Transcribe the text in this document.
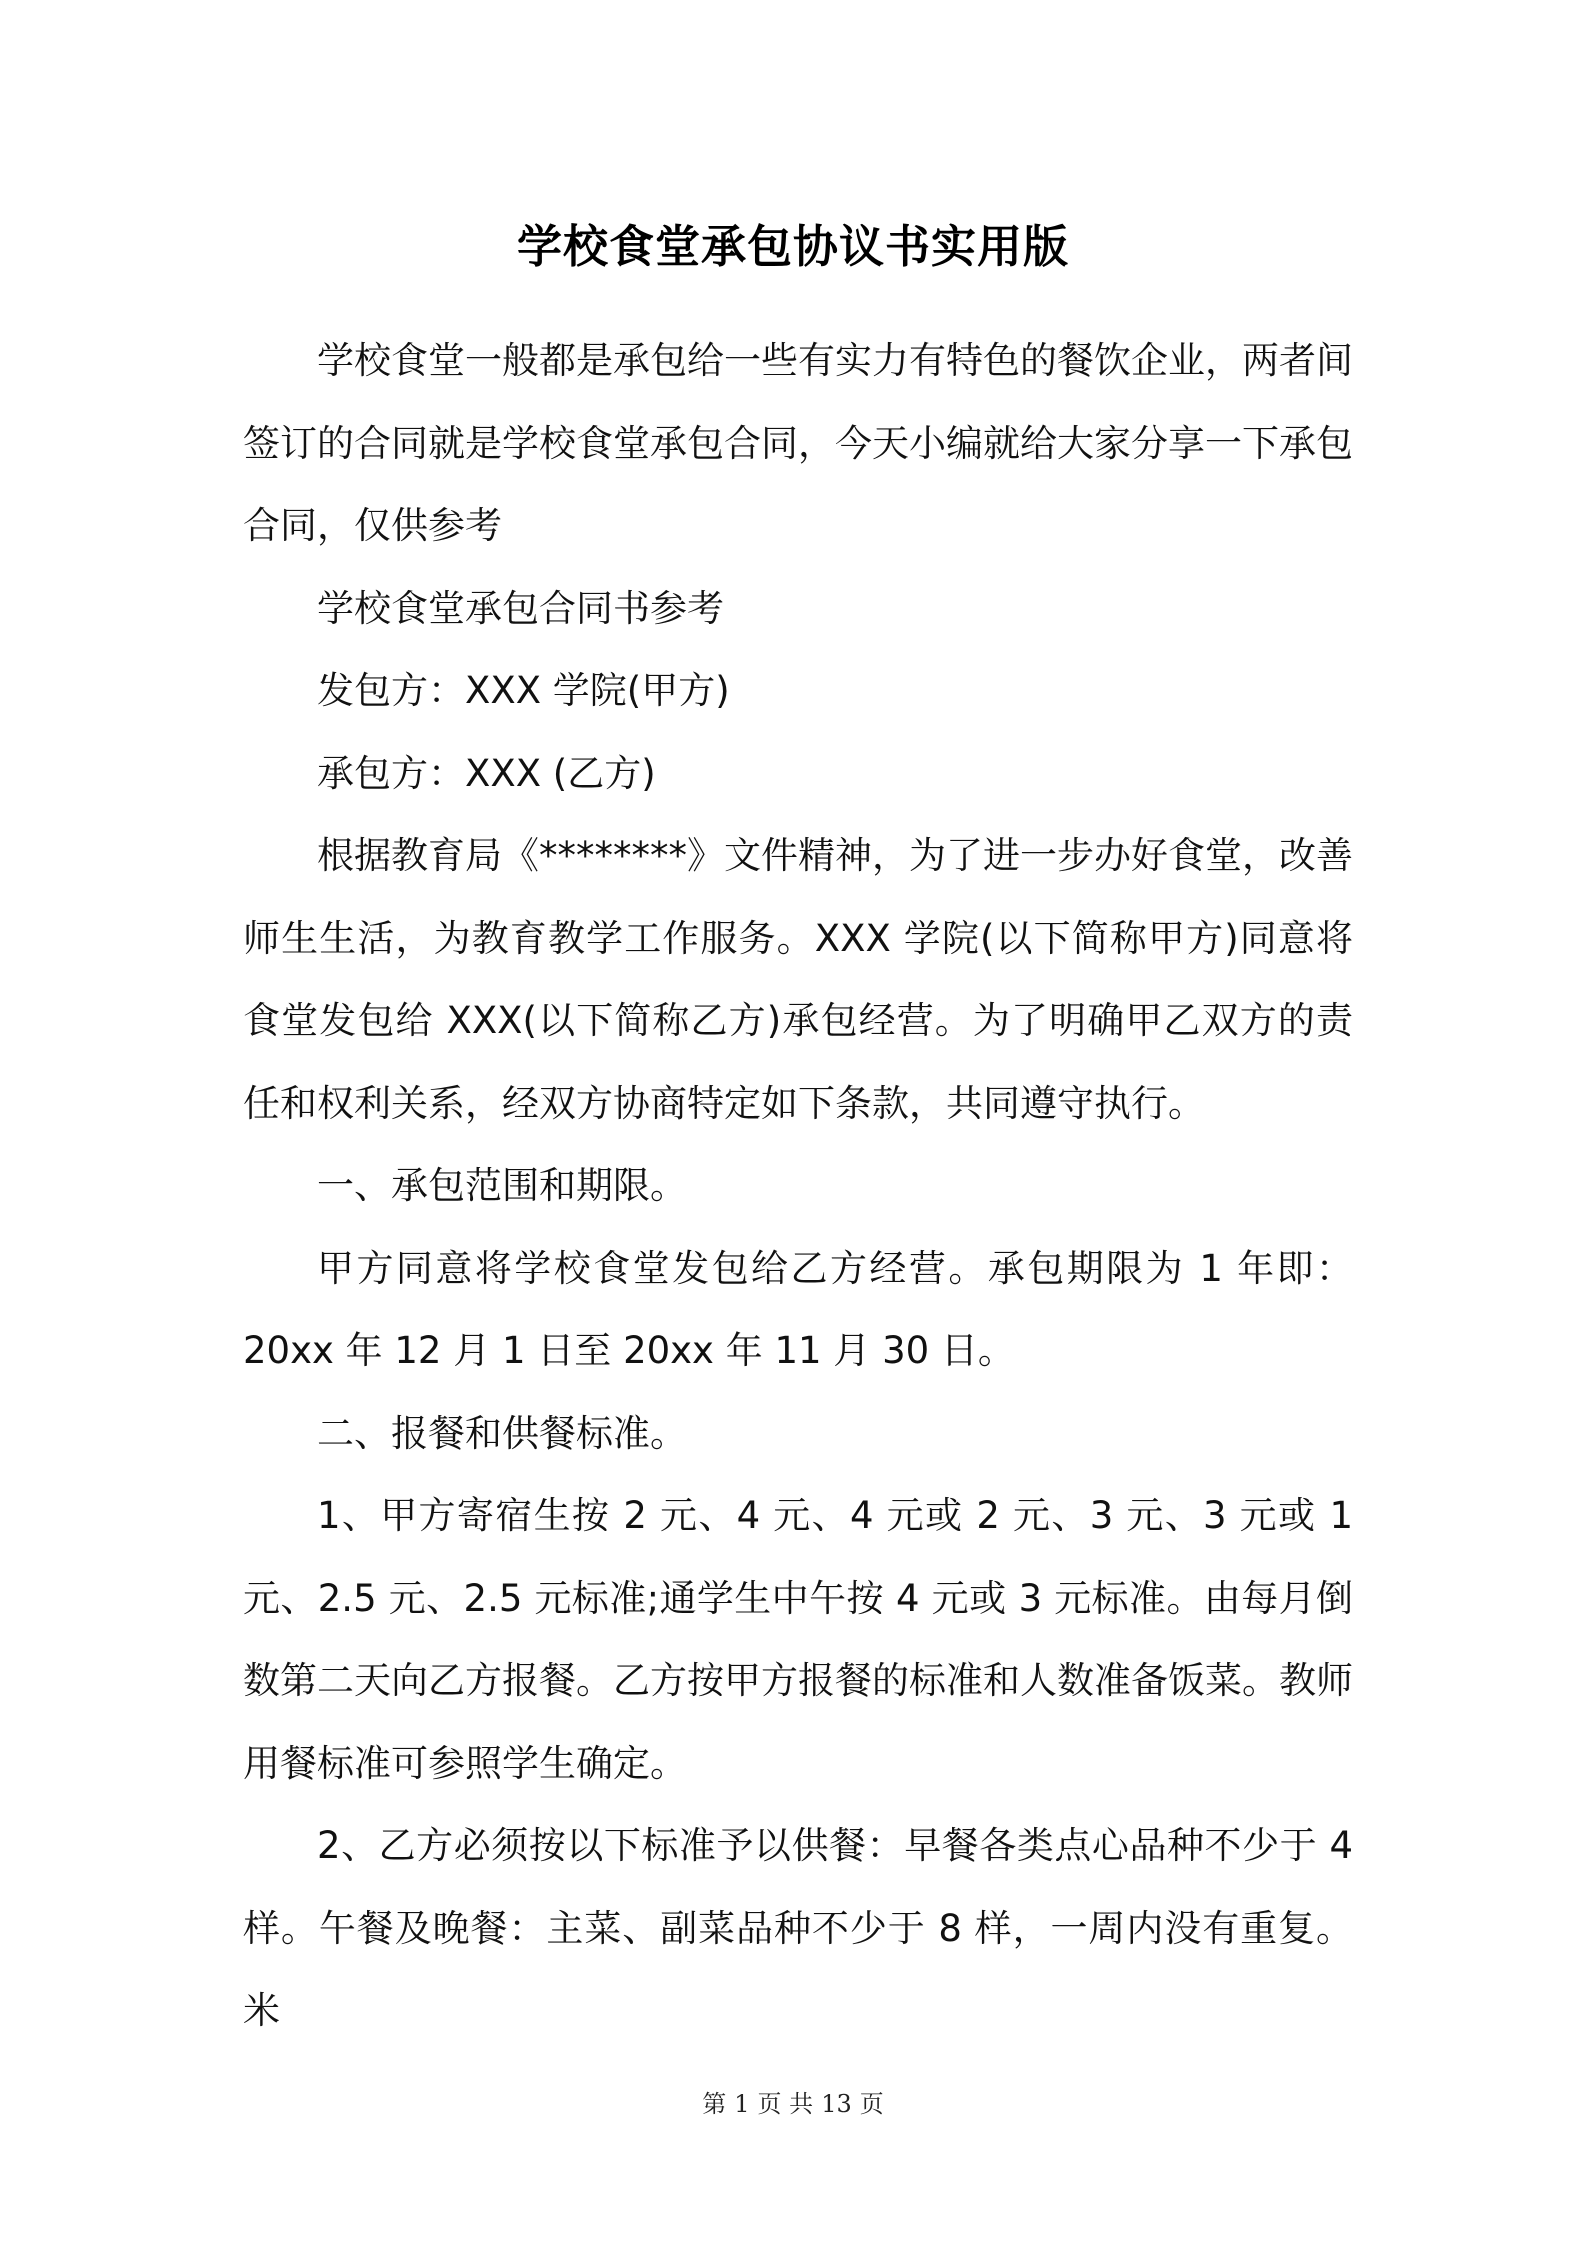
学校食堂承包协议书实用版

学校食堂一般都是承包给一些有实力有特色的餐饮企业，两者间签订的合同就是学校食堂承包合同，今天小编就给大家分享一下承包合同，仅供参考

学校食堂承包合同书参考

发包方：XXX 学院(甲方)

承包方：XXX (乙方)

根据教育局《********》文件精神，为了进一步办好食堂，改善师生生活，为教育教学工作服务。XXX 学院(以下简称甲方)同意将食堂发包给 XXX(以下简称乙方)承包经营。为了明确甲乙双方的责任和权利关系，经双方协商特定如下条款，共同遵守执行。

一、承包范围和期限。

甲方同意将学校食堂发包给乙方经营。承包期限为 1 年即：20xx 年 12 月 1 日至 20xx 年 11 月 30 日。

二、报餐和供餐标准。

1、甲方寄宿生按 2 元、4 元、4 元或 2 元、3 元、3 元或 1 元、2.5 元、2.5 元标准;通学生中午按 4 元或 3 元标准。由每月倒数第二天向乙方报餐。乙方按甲方报餐的标准和人数准备饭菜。教师用餐标准可参照学生确定。

2、乙方必须按以下标准予以供餐：早餐各类点心品种不少于 4 样。午餐及晚餐：主菜、副菜品种不少于 8 样，一周内没有重复。米

第 1 页 共 13 页
